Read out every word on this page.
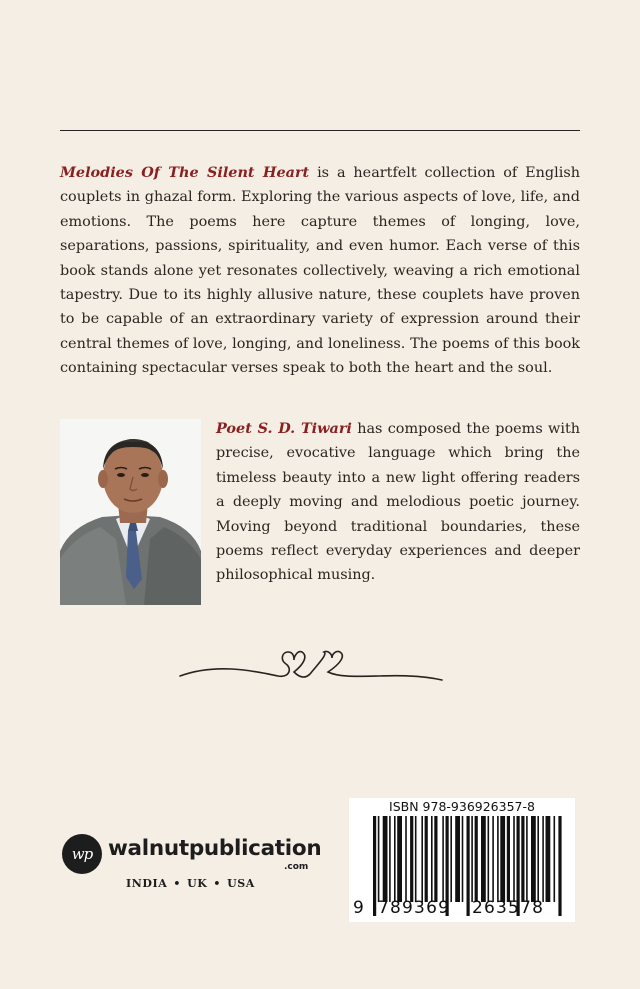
Melodies Of The Silent Heart is a heartfelt collection of English couplets in ghazal form. Exploring the various aspects of love, life, and emotions. The poems here capture themes of longing, love, separations, passions, spirituality, and even humor. Each verse of this book stands alone yet resonates collectively, weaving a rich emotional tapestry. Due to its highly allusive nature, these couplets have proven to be capable of an extraordinary variety of expression around their central themes of love, longing, and loneliness. The poems of this book containing spectacular verses speak to both the heart and the soul.

Poet S. D. Tiwari has composed the poems with precise, evocative language which bring the timeless beauty into a new light offering readers a deeply moving and melodious poetic journey. Moving beyond traditional boundaries, these poems reflect everyday experiences and deeper philosophical musing.

wp walnutpublication
.com
INDIA • UK • USA
ISBN 978-936926357-8
9 789369 263578
